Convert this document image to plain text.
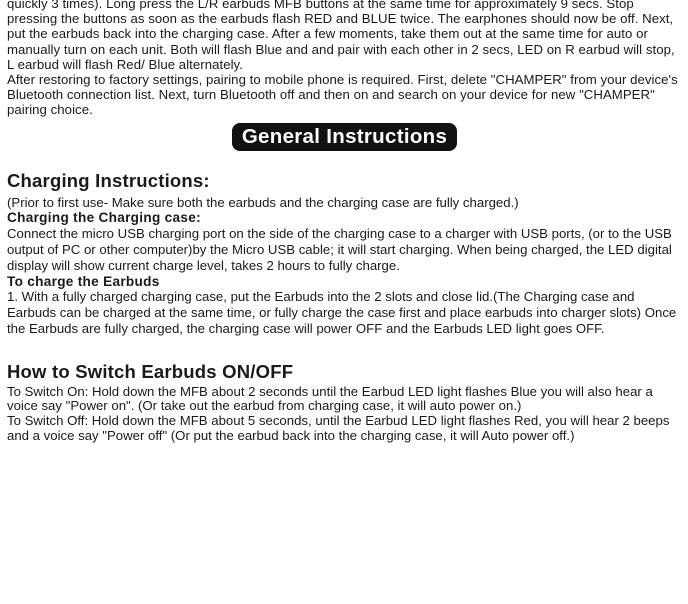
quickly 3 times). Long press the L/R earbuds MFB buttons at the same time for approximately 9 secs. Stop pressing the buttons as soon as the earbuds flash RED and BLUE twice. The earphones should now be off. Next, put the earbuds back into the charging case. After a few moments, take them out at the same time for auto or manually turn on each unit. Both will flash Blue and and pair with each other in 2 secs, LED on R earbud will stop, L earbud will flash Red/ Blue alternately.

After restoring to factory settings, pairing to mobile phone is required. First, delete "CHAMPER" from your device's Bluetooth connection list. Next, turn Bluetooth off and then on and search on your device for new "CHAMPER" pairing choice.

General Instructions
Charging Instructions:

(Prior to first use- Make sure both the earbuds and the charging case are fully charged.)

Charging the Charging case:

Connect the micro USB charging port on the side of the charging case to a charger with USB ports, (or to the USB output of PC or other computer)by the Micro USB cable; it will start charging. When being charged, the LED digital display will show current charge level, takes 2 hours to fully charge.

To charge the Earbuds

1. With a fully charged charging case, put the Earbuds into the 2 slots and close lid.(The Charging case and Earbuds can be charged at the same time, or fully charge the case first and place earbuds into charger slots) Once the Earbuds are fully charged, the charging case will power OFF and the Earbuds LED light goes OFF.

How to Switch Earbuds ON/OFF

To Switch On: Hold down the MFB about 2 seconds until the Earbud LED light flashes Blue you will also hear a voice say "Power on". (Or take out the earbud from charging case, it will auto power on.)

To Switch Off: Hold down the MFB about 5 seconds, until the Earbud LED light flashes Red, you will hear 2 beeps and a voice say "Power off" (Or put the earbud back into the charging case, it will Auto power off.)
